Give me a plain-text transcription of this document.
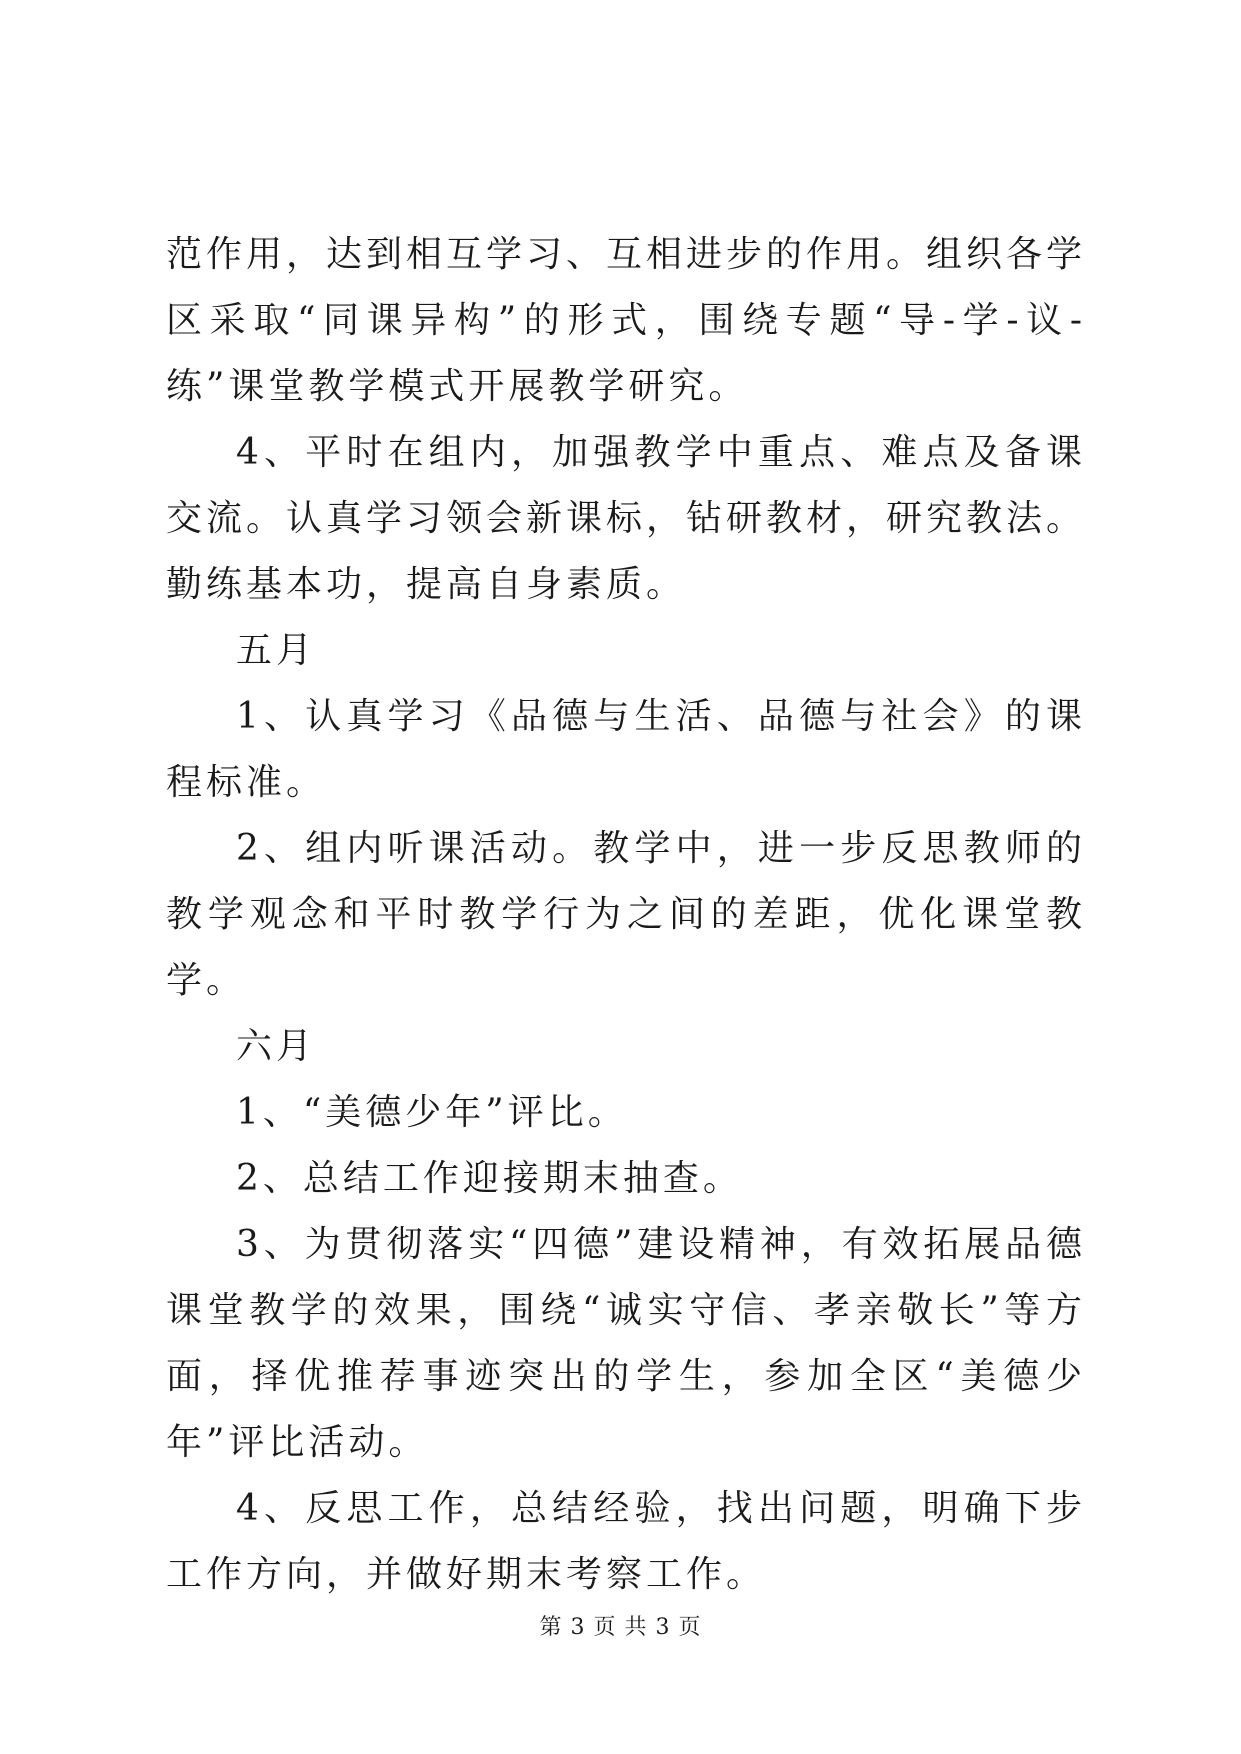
范作用，达到相互学习、互相进步的作用。组织各学区采取“同课异构”的形式，围绕专题“导-学-议-练”课堂教学模式开展教学研究。

4、平时在组内，加强教学中重点、难点及备课交流。认真学习领会新课标，钻研教材，研究教法。勤练基本功，提高自身素质。

五月

1、认真学习《品德与生活、品德与社会》的课程标准。

2、组内听课活动。教学中，进一步反思教师的教学观念和平时教学行为之间的差距，优化课堂教学。

六月

1、“美德少年”评比。

2、总结工作迎接期末抽查。

3、为贯彻落实“四德”建设精神，有效拓展品德课堂教学的效果，围绕“诚实守信、孝亲敬长”等方面，择优推荐事迹突出的学生，参加全区“美德少年”评比活动。

4、反思工作，总结经验，找出问题，明确下步工作方向，并做好期末考察工作。

第 3 页 共 3 页
